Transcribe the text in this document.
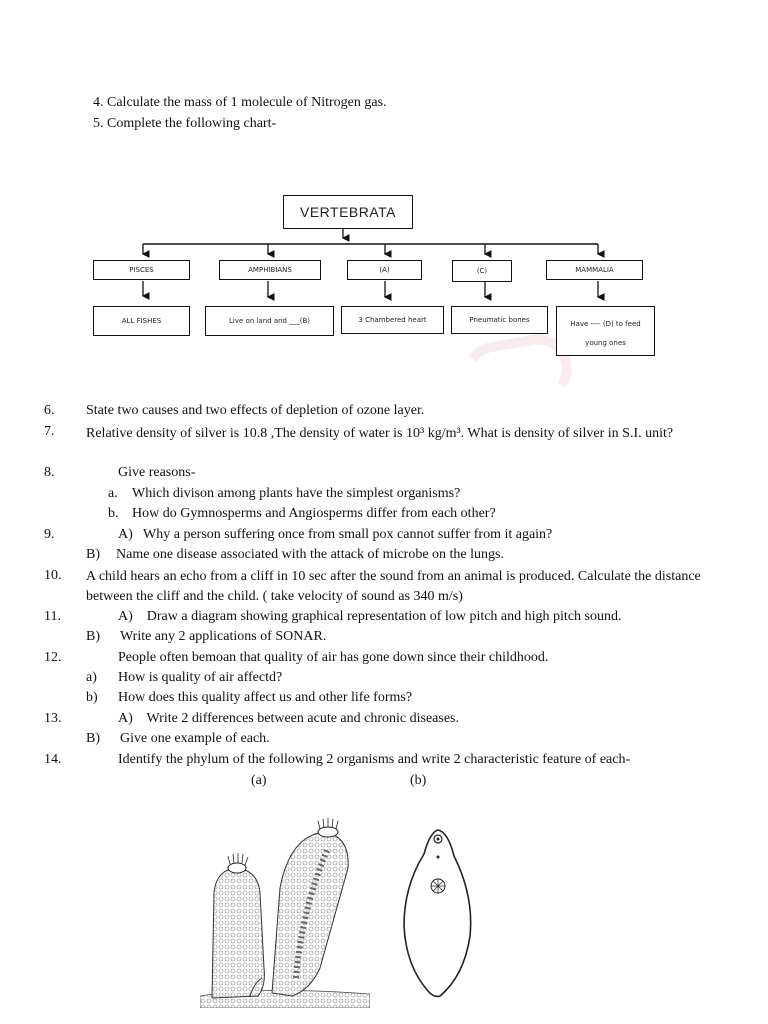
4. Calculate the mass of 1 molecule of Nitrogen gas.
5. Complete the following chart-
VERTEBRATA
PISCES	AMPHIBIANS	(A)	(C)	MAMMALIA
ALL FISHES	Live on land and ___(B)	3 Chambered heart	Pneumatic bones	Have ---- (D) to feed young ones
6. State two causes and two effects of depletion of ozone layer.
7. Relative density of silver is 10.8 ,The density of water is 10³ kg/m³. What is density of silver in S.I. unit?
8.	Give reasons-
a. Which divison among plants have the simplest organisms?
b. How do Gymnosperms and Angiosperms differ from each other?
9.	A)   Why a person suffering once from small pox cannot suffer from it again?
B) Name one disease associated with the attack of microbe on the lungs.
10. A child hears an echo from a cliff in 10 sec after the sound from an animal is produced. Calculate the distance between the cliff and the child. ( take velocity of sound as 340 m/s)
11.	A)    Draw a diagram showing graphical representation of low pitch and high pitch sound.
B) Write any 2 applications of SONAR.
12.	People often bemoan that quality of air has gone down since their childhood.
a) How is quality of air affectd?
b) How does this quality affect us and other life forms?
13.	A)    Write 2 differences between acute and chronic diseases.
B) Give one example of each.
14.	Identify the phylum of the following 2 organisms and write 2 characteristic feature of each-
(a)	(b)
